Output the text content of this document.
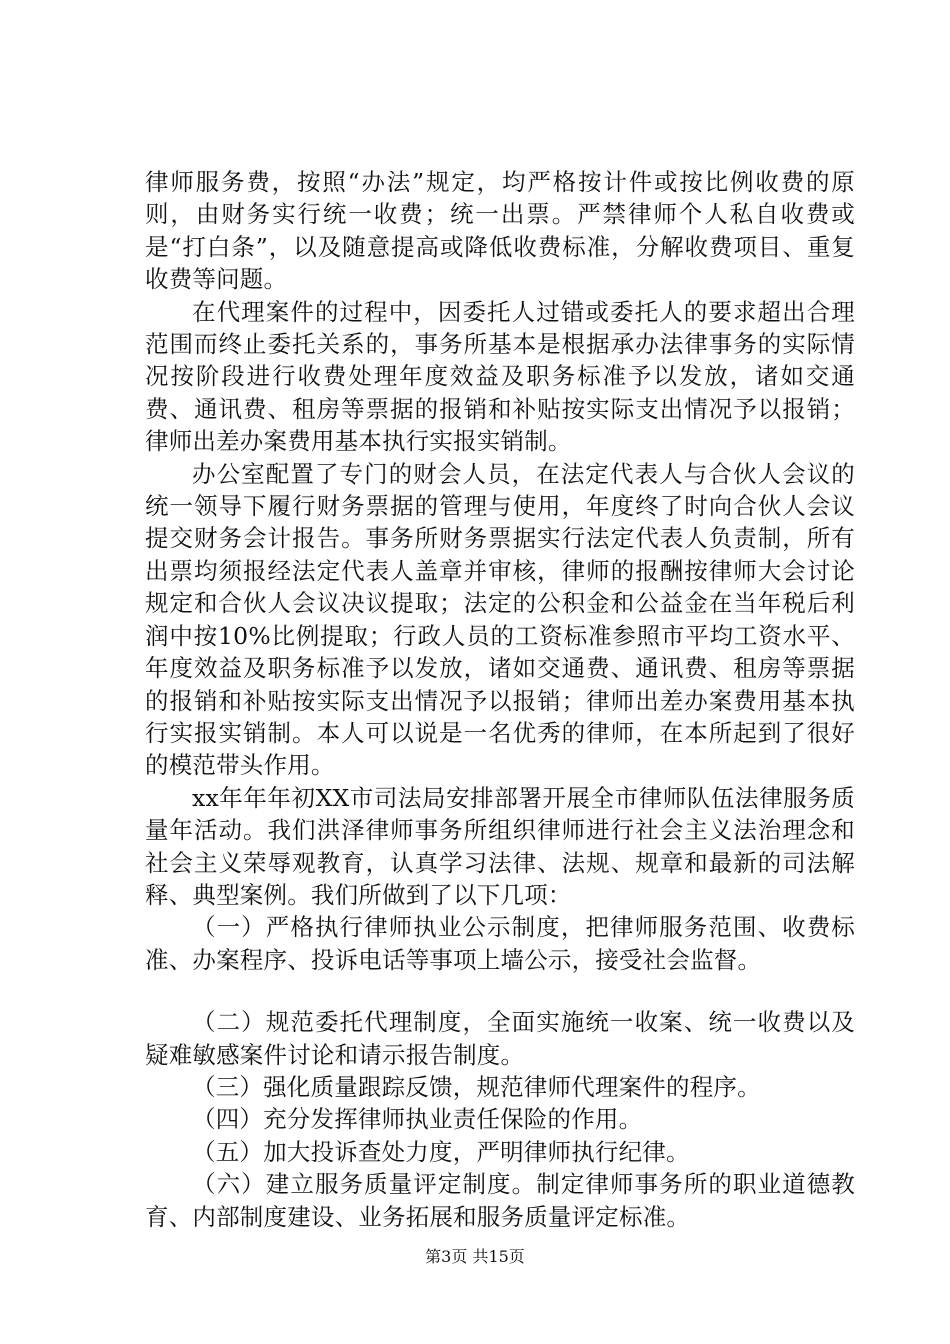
律师服务费，按照“办法”规定，均严格按计件或按比例收费的原则，由财务实行统一收费；统一出票。严禁律师个人私自收费或是“打白条”，以及随意提高或降低收费标准，分解收费项目、重复收费等问题。

在代理案件的过程中，因委托人过错或委托人的要求超出合理范围而终止委托关系的，事务所基本是根据承办法律事务的实际情况按阶段进行收费处理年度效益及职务标准予以发放，诸如交通费、通讯费、租房等票据的报销和补贴按实际支出情况予以报销；律师出差办案费用基本执行实报实销制。

办公室配置了专门的财会人员，在法定代表人与合伙人会议的统一领导下履行财务票据的管理与使用，年度终了时向合伙人会议提交财务会计报告。事务所财务票据实行法定代表人负责制，所有出票均须报经法定代表人盖章并审核，律师的报酬按律师大会讨论规定和合伙人会议决议提取；法定的公积金和公益金在当年税后利润中按10%比例提取；行政人员的工资标准参照市平均工资水平、年度效益及职务标准予以发放，诸如交通费、通讯费、租房等票据的报销和补贴按实际支出情况予以报销；律师出差办案费用基本执行实报实销制。本人可以说是一名优秀的律师，在本所起到了很好的模范带头作用。

xx年年年初XX市司法局安排部署开展全市律师队伍法律服务质量年活动。我们洪泽律师事务所组织律师进行社会主义法治理念和社会主义荣辱观教育，认真学习法律、法规、规章和最新的司法解释、典型案例。我们所做到了以下几项：

（一）严格执行律师执业公示制度，把律师服务范围、收费标准、办案程序、投诉电话等事项上墙公示，接受社会监督。

（二）规范委托代理制度，全面实施统一收案、统一收费以及疑难敏感案件讨论和请示报告制度。

（三）强化质量跟踪反馈，规范律师代理案件的程序。

（四）充分发挥律师执业责任保险的作用。

（五）加大投诉查处力度，严明律师执行纪律。

（六）建立服务质量评定制度。制定律师事务所的职业道德教育、内部制度建设、业务拓展和服务质量评定标准。

第3页 共15页
